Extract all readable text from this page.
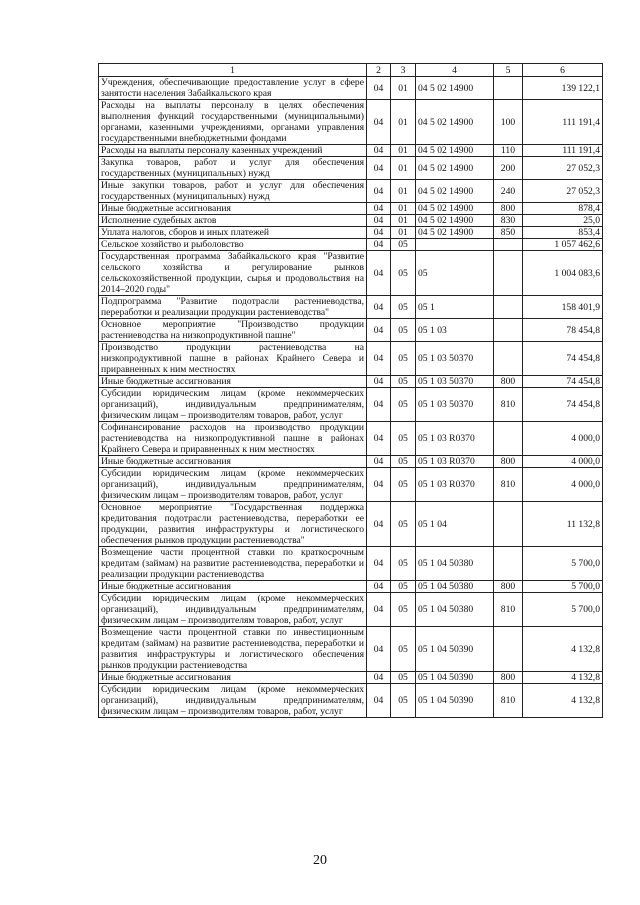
1	2	3	4	5	6
Учреждения, обеспечивающие предоставление услуг в сфере занятости населения Забайкальского края	04	01	04 5 02 14900		139 122,1
Расходы на выплаты персоналу в целях обеспечения выполнения функций государственными (муниципальными) органами, казенными учреждениями, органами управления государственными внебюджетными фондами	04	01	04 5 02 14900	100	111 191,4
Расходы на выплаты персоналу казенных учреждений	04	01	04 5 02 14900	110	111 191,4
Закупка товаров, работ и услуг для обеспечения государственных (муниципальных) нужд	04	01	04 5 02 14900	200	27 052,3
Иные закупки товаров, работ и услуг для обеспечения государственных (муниципальных) нужд	04	01	04 5 02 14900	240	27 052,3
Иные бюджетные ассигнования	04	01	04 5 02 14900	800	878,4
Исполнение судебных актов	04	01	04 5 02 14900	830	25,0
Уплата налогов, сборов и иных платежей	04	01	04 5 02 14900	850	853,4
Сельское хозяйство и рыболовство	04	05			1 057 462,6
Государственная программа Забайкальского края "Развитие сельского хозяйства и регулирование рынков сельскохозяйственной продукции, сырья и продовольствия на 2014–2020 годы"	04	05	05		1 004 083,6
Подпрограмма "Развитие подотрасли растениеводства, переработки и реализации продукции растениеводства"	04	05	05 1		158 401,9
Основное мероприятие "Производство продукции растениеводства на низкопродуктивной пашне"	04	05	05 1 03		78 454,8
Производство продукции растениеводства на низкопродуктивной пашне в районах Крайнего Севера и приравненных к ним местностях	04	05	05 1 03 50370		74 454,8
Иные бюджетные ассигнования	04	05	05 1 03 50370	800	74 454,8
Субсидии юридическим лицам (кроме некоммерческих организаций), индивидуальным предпринимателям, физическим лицам – производителям товаров, работ, услуг	04	05	05 1 03 50370	810	74 454,8
Софинансирование расходов на производство продукции растениеводства на низкопродуктивной пашне в районах Крайнего Севера и приравненных к ним местностях	04	05	05 1 03 R0370		4 000,0
Иные бюджетные ассигнования	04	05	05 1 03 R0370	800	4 000,0
Субсидии юридическим лицам (кроме некоммерческих организаций), индивидуальным предпринимателям, физическим лицам – производителям товаров, работ, услуг	04	05	05 1 03 R0370	810	4 000,0
Основное мероприятие "Государственная поддержка кредитования подотрасли растениеводства, переработки ее продукции, развития инфраструктуры и логистического обеспечения рынков продукции растениеводства"	04	05	05 1 04		11 132,8
Возмещение части процентной ставки по краткосрочным кредитам (займам) на развитие растениеводства, переработки и реализации продукции растениеводства	04	05	05 1 04 50380		5 700,0
Иные бюджетные ассигнования	04	05	05 1 04 50380	800	5 700,0
Субсидии юридическим лицам (кроме некоммерческих организаций), индивидуальным предпринимателям, физическим лицам – производителям товаров, работ, услуг	04	05	05 1 04 50380	810	5 700,0
Возмещение части процентной ставки по инвестиционным кредитам (займам) на развитие растениеводства, переработки и развития инфраструктуры и логистического обеспечения рынков продукции растениеводства	04	05	05 1 04 50390		4 132,8
Иные бюджетные ассигнования	04	05	05 1 04 50390	800	4 132,8
Субсидии юридическим лицам (кроме некоммерческих организаций), индивидуальным предпринимателям, физическим лицам – производителям товаров, работ, услуг	04	05	05 1 04 50390	810	4 132,8
20
